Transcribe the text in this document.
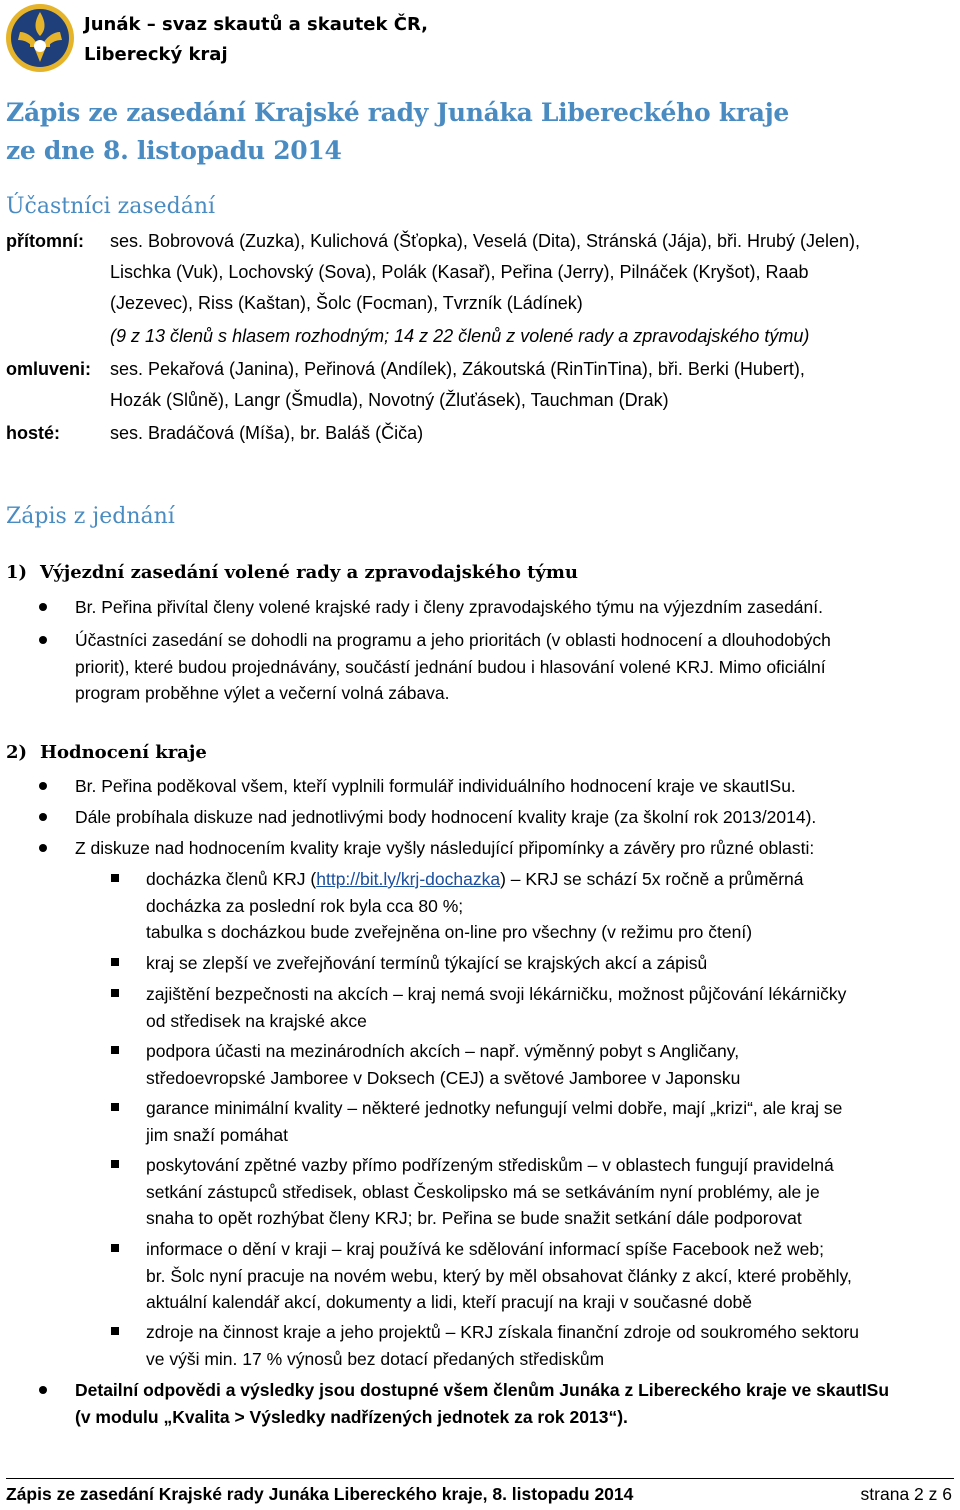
Junák – svaz skautů a skautek ČR,
Liberecký kraj
Zápis ze zasedání Krajské rady Junáka Libereckého kraje
ze dne 8. listopadu 2014
Účastníci zasedání
přítomní: ses. Bobrovová (Zuzka), Kulichová (Šťopka), Veselá (Dita), Stránská (Jája), bři. Hrubý (Jelen),
Lischka (Vuk), Lochovský (Sova), Polák (Kasař), Peřina (Jerry), Pilnáček (Kryšot), Raab
(Jezevec), Riss (Kaštan), Šolc (Focman), Tvrzník (Ládínek)
(9 z 13 členů s hlasem rozhodným; 14 z 22 členů z volené rady a zpravodajského týmu)
omluveni: ses. Pekařová (Janina), Peřinová (Andílek), Zákoutská (RinTinTina), bři. Berki (Hubert),
Hozák (Slůně), Langr (Šmudla), Novotný (Žluťásek), Tauchman (Drak)
hosté:	ses. Bradáčová (Míša), br. Baláš (Čiča)
Zápis z jednání
1) Výjezdní zasedání volené rady a zpravodajského týmu
Br. Peřina přivítal členy volené krajské rady i členy zpravodajského týmu na výjezdním zasedání.
Účastníci zasedání se dohodli na programu a jeho prioritách (v oblasti hodnocení a dlouhodobých
priorit), které budou projednávány, součástí jednání budou i hlasování volené KRJ. Mimo oficiální
program proběhne výlet a večerní volná zábava.
2) Hodnocení kraje
Br. Peřina poděkoval všem, kteří vyplnili formulář individuálního hodnocení kraje ve skautISu.
Dále probíhala diskuze nad jednotlivými body hodnocení kvality kraje (za školní rok 2013/2014).
Z diskuze nad hodnocením kvality kraje vyšly následující připomínky a závěry pro různé oblasti:
docházka členů KRJ (http://bit.ly/krj-dochazka) – KRJ se schází 5x ročně a průměrná
docházka za poslední rok byla cca 80 %;
tabulka s docházkou bude zveřejněna on-line pro všechny (v režimu pro čtení)
kraj se zlepší ve zveřejňování termínů týkající se krajských akcí a zápisů
zajištění bezpečnosti na akcích – kraj nemá svoji lékárničku, možnost půjčování lékárničky
od středisek na krajské akce
podpora účasti na mezinárodních akcích – např. výměnný pobyt s Angličany,
středoevropské Jamboree v Doksech (CEJ) a světové Jamboree v Japonsku
garance minimální kvality – některé jednotky nefungují velmi dobře, mají „krizi“, ale kraj se
jim snaží pomáhat
poskytování zpětné vazby přímo podřízeným střediskům – v oblastech fungují pravidelná
setkání zástupců středisek, oblast Českolipsko má se setkáváním nyní problémy, ale je
snaha to opět rozhýbat členy KRJ; br. Peřina se bude snažit setkání dále podporovat
informace o dění v kraji – kraj používá ke sdělování informací spíše Facebook než web;
br. Šolc nyní pracuje na novém webu, který by měl obsahovat články z akcí, které proběhly,
aktuální kalendář akcí, dokumenty a lidi, kteří pracují na kraji v současné době
zdroje na činnost kraje a jeho projektů – KRJ získala finanční zdroje od soukromého sektoru
ve výši min. 17 % výnosů bez dotací předaných střediskům
Detailní odpovědi a výsledky jsou dostupné všem členům Junáka z Libereckého kraje ve skautISu
(v modulu „Kvalita > Výsledky nadřízených jednotek za rok 2013“).
Zápis ze zasedání Krajské rady Junáka Libereckého kraje, 8. listopadu 2014	strana 2 z 6
